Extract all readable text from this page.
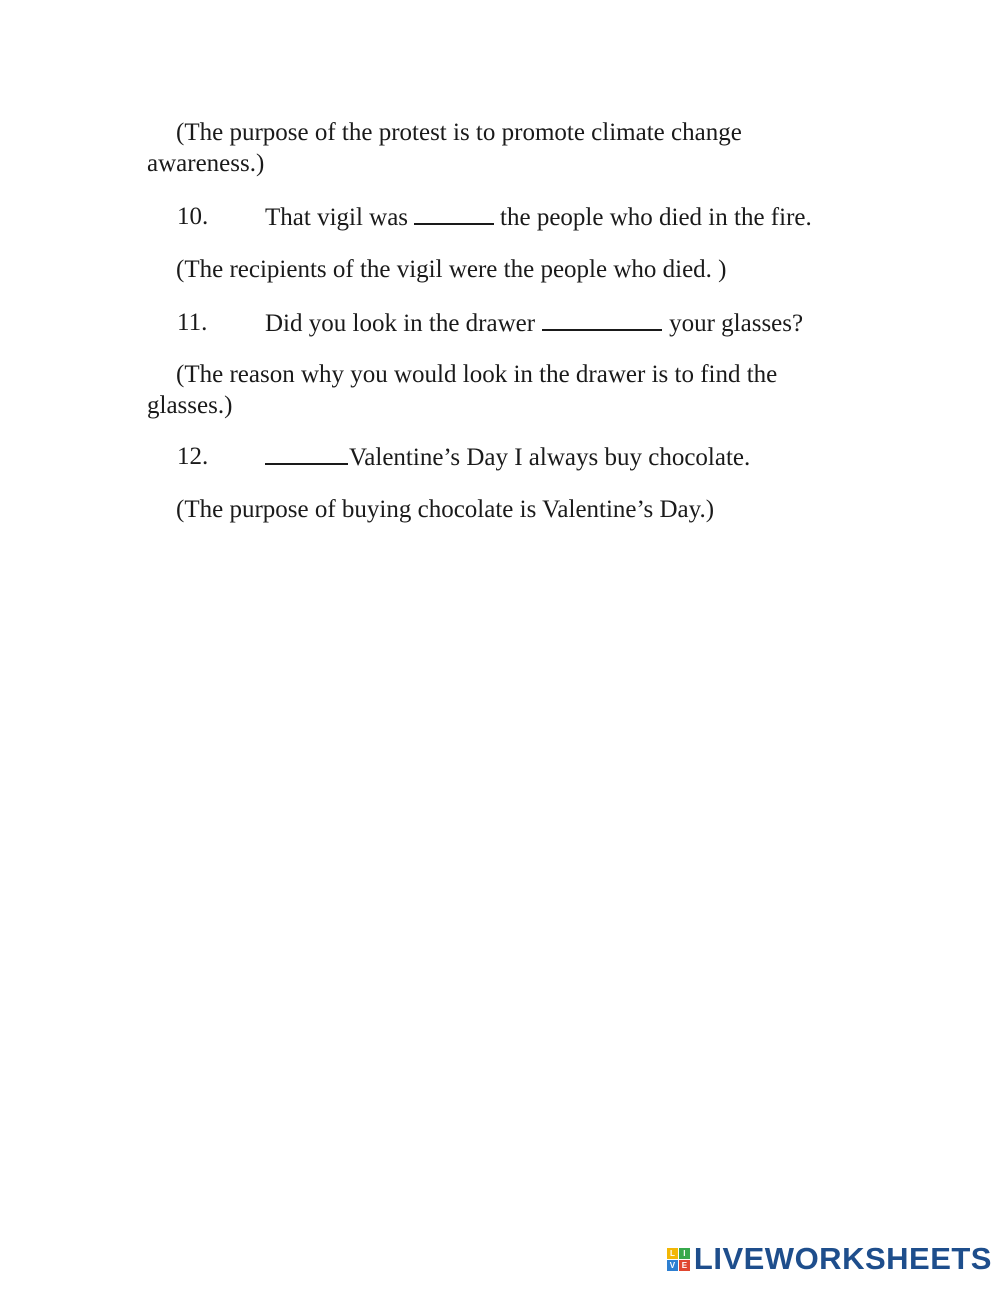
(The purpose of the protest is to promote climate change
awareness.)
10. That vigil was	the people who died in the fire.
(The recipients of the vigil were the people who died. )
11. Did you look in the drawer	your glasses?
(The reason why you would look in the drawer is to find the
glasses.)
12.	Valentine’s Day I always buy chocolate.
(The purpose of buying chocolate is Valentine’s Day.)
L	I
V E LIVEWORKSHEETS
